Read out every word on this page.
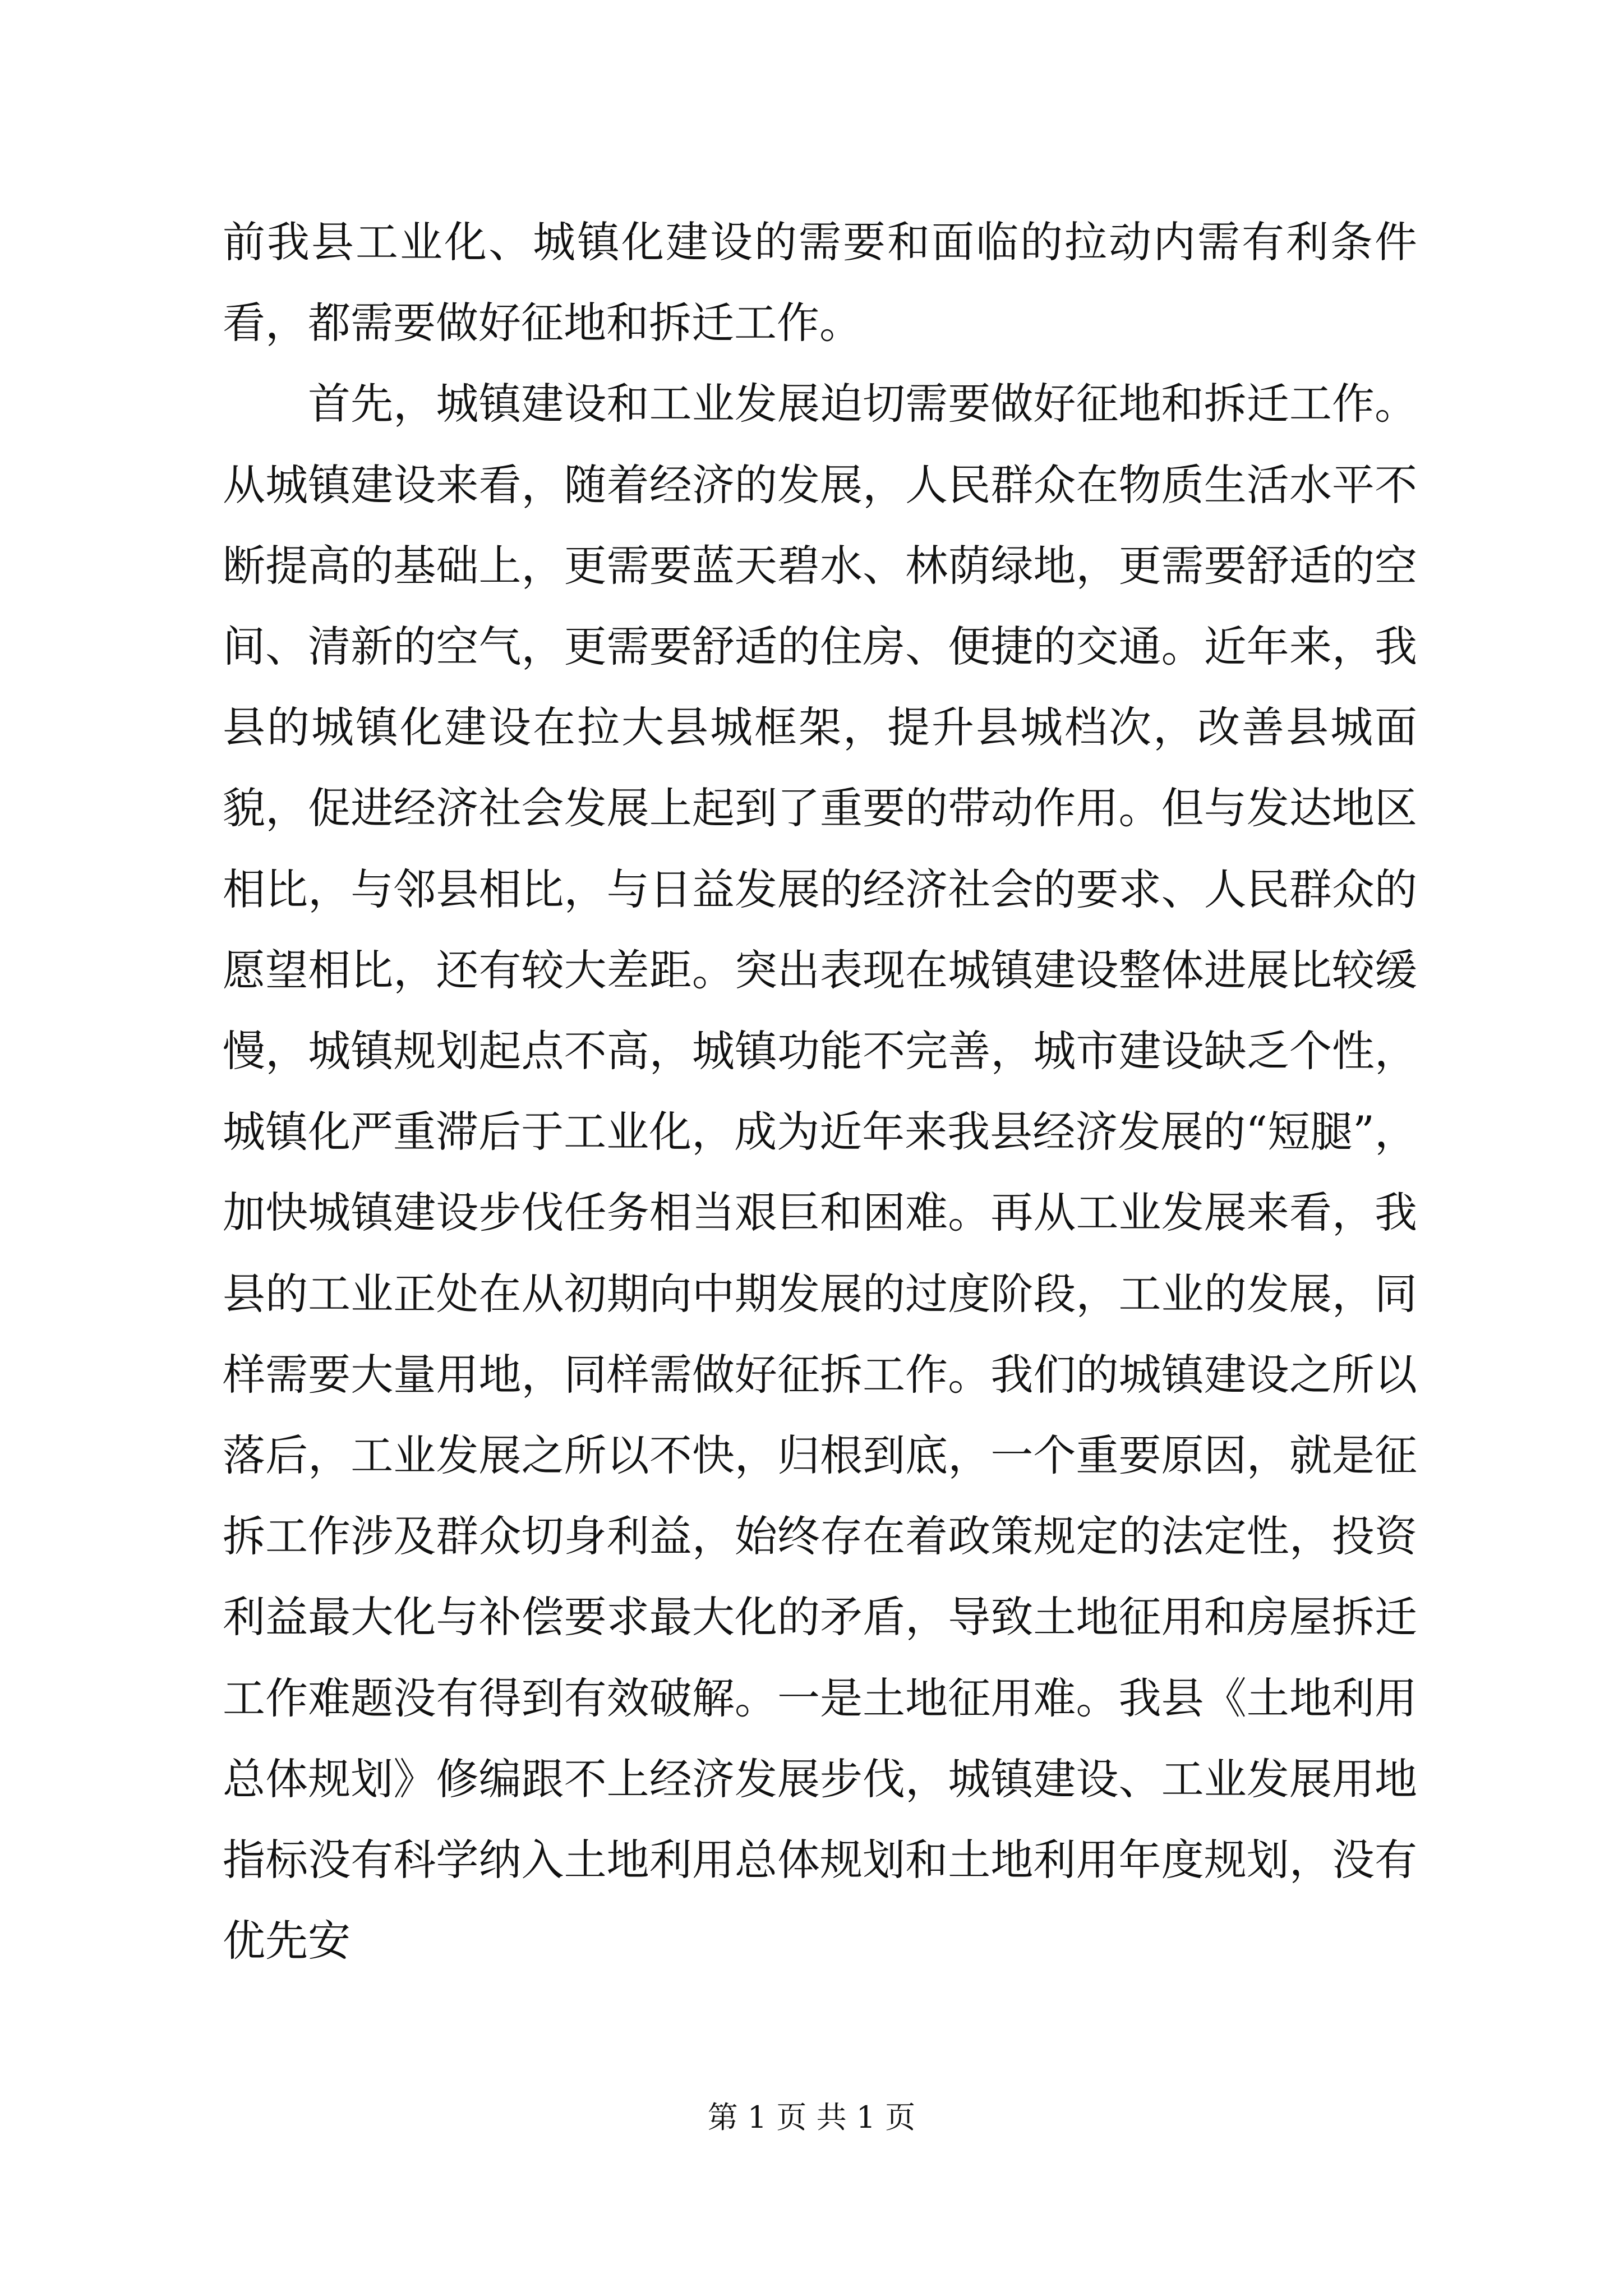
前我县工业化、城镇化建设的需要和面临的拉动内需有利条件看，都需要做好征地和拆迁工作。

首先，城镇建设和工业发展迫切需要做好征地和拆迁工作。从城镇建设来看，随着经济的发展，人民群众在物质生活水平不断提高的基础上，更需要蓝天碧水、林荫绿地，更需要舒适的空间、清新的空气，更需要舒适的住房、便捷的交通。近年来，我县的城镇化建设在拉大县城框架，提升县城档次，改善县城面貌，促进经济社会发展上起到了重要的带动作用。但与发达地区相比，与邻县相比，与日益发展的经济社会的要求、人民群众的愿望相比，还有较大差距。突出表现在城镇建设整体进展比较缓慢，城镇规划起点不高，城镇功能不完善，城市建设缺乏个性，城镇化严重滞后于工业化，成为近年来我县经济发展的“短腿”，加快城镇建设步伐任务相当艰巨和困难。再从工业发展来看，我县的工业正处在从初期向中期发展的过度阶段，工业的发展，同样需要大量用地，同样需做好征拆工作。我们的城镇建设之所以落后，工业发展之所以不快，归根到底，一个重要原因，就是征拆工作涉及群众切身利益，始终存在着政策规定的法定性，投资利益最大化与补偿要求最大化的矛盾，导致土地征用和房屋拆迁工作难题没有得到有效破解。一是土地征用难。我县《土地利用总体规划》修编跟不上经济发展步伐，城镇建设、工业发展用地指标没有科学纳入土地利用总体规划和土地利用年度规划，没有优先安

第 1 页 共 1 页
